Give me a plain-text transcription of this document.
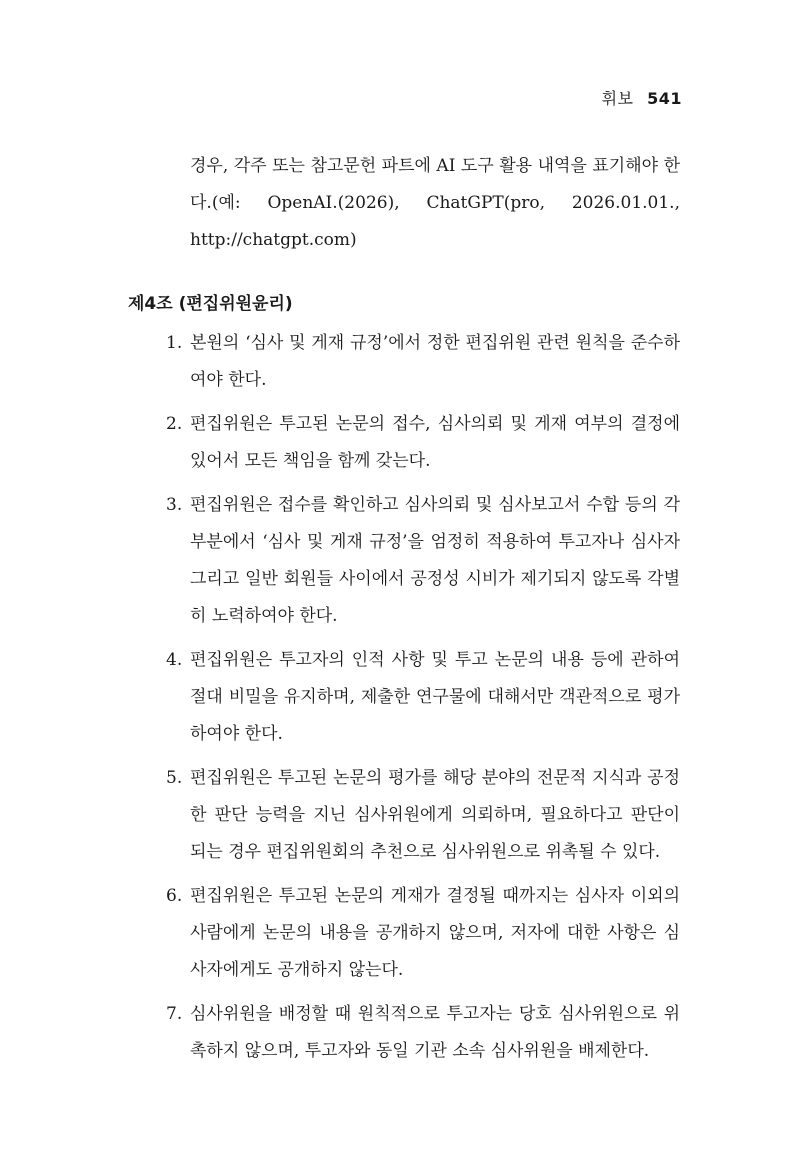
휘보 541

경우, 각주 또는 참고문헌 파트에 AI 도구 활용 내역을 표기해야 한다.(예: OpenAI.(2026), ChatGPT(pro, 2026.01.01., http://chatgpt.com)

제4조 (편집위원윤리)
1. 본원의 ‘심사 및 게재 규정’에서 정한 편집위원 관련 원칙을 준수하여야 한다.
2. 편집위원은 투고된 논문의 접수, 심사의뢰 및 게재 여부의 결정에 있어서 모든 책임을 함께 갖는다.
3. 편집위원은 접수를 확인하고 심사의뢰 및 심사보고서 수합 등의 각 부분에서 ‘심사 및 게재 규정’을 엄정히 적용하여 투고자나 심사자 그리고 일반 회원들 사이에서 공정성 시비가 제기되지 않도록 각별히 노력하여야 한다.
4. 편집위원은 투고자의 인적 사항 및 투고 논문의 내용 등에 관하여 절대 비밀을 유지하며, 제출한 연구물에 대해서만 객관적으로 평가하여야 한다.
5. 편집위원은 투고된 논문의 평가를 해당 분야의 전문적 지식과 공정한 판단 능력을 지닌 심사위원에게 의뢰하며, 필요하다고 판단이 되는 경우 편집위원회의 추천으로 심사위원으로 위촉될 수 있다.
6. 편집위원은 투고된 논문의 게재가 결정될 때까지는 심사자 이외의 사람에게 논문의 내용을 공개하지 않으며, 저자에 대한 사항은 심사자에게도 공개하지 않는다.
7. 심사위원을 배정할 때 원칙적으로 투고자는 당호 심사위원으로 위촉하지 않으며, 투고자와 동일 기관 소속 심사위원을 배제한다.
